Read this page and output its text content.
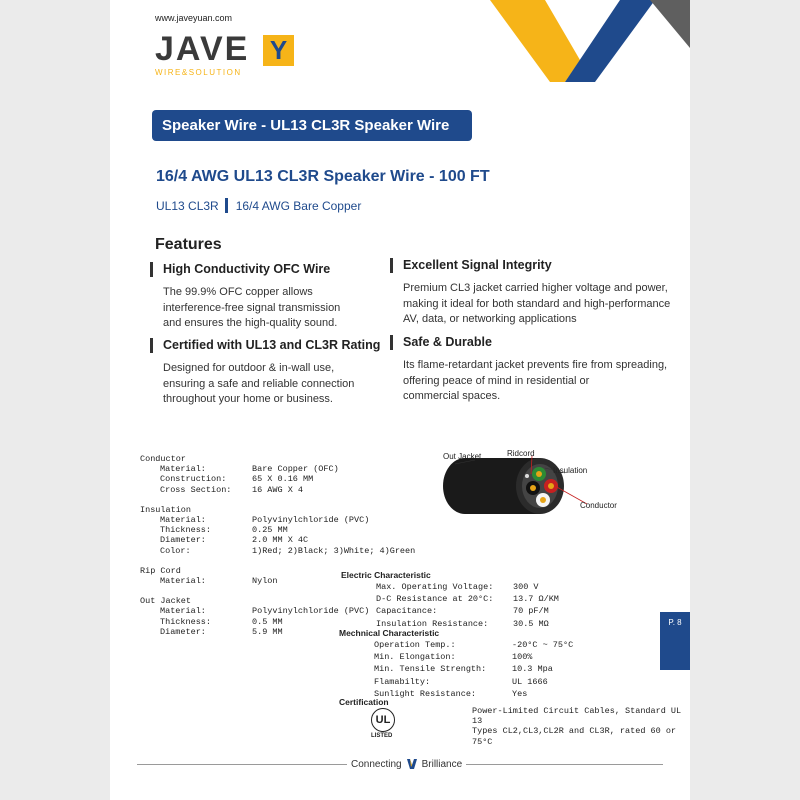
www.javeyuan.com
JAVE Y
WIRE&SOLUTION
Speaker Wire - UL13 CL3R Speaker Wire
16/4 AWG UL13 CL3R Speaker Wire - 100 FT
UL13 CL3R 16/4 AWG Bare Copper
Features
High Conductivity OFC Wire
The 99.9% OFC copper allows
interference-free signal transmission
and ensures the high-quality sound.
Excellent Signal Integrity
Premium CL3 jacket carried higher voltage and power,
making it ideal for both standard and high-performance
AV, data, or networking applications
Certified with UL13 and CL3R Rating
Designed for outdoor & in-wall use,
ensuring a safe and reliable connection
throughout your home or business.
Safe & Durable
Its flame-retardant jacket prevents fire from spreading,
offering peace of mind in residential or
commercial spaces.
Conductor
Material:	Bare Copper (OFC)
Construction:	65 X 0.16 MM
Cross Section:	16 AWG X 4
Insulation
Material:	Polyvinylchloride (PVC)
Thickness:	0.25 MM
Diameter:	2.0 MM X 4C
Color:	1)Red; 2)Black; 3)White; 4)Green
Rip Cord
Material:	Nylon
Out Jacket
Material:	Polyvinylchloride (PVC)
Thickness:	0.5 MM
Diameter:	5.9 MM
Out Jacket	Ridcord
Insulation
Conductor
Electric Characteristic
Max. Operating Voltage:	300 V
D-C Resistance at 20°C:	13.7 Ω/KM
Capacitance:	70 pF/M
Insulation Resistance:	30.5 MΩ
Mechnical Characteristic
Operation Temp.:	-20°C ~ 75°C
Min. Elongation:	100%
Min. Tensile Strength:	10.3 Mpa
Flamabilty:	UL 1666
Sunlight Resistance:	Yes
Certification
UL
LISTED
Power-Limited Circuit Cables, Standard UL 13
Types CL2,CL3,CL2R and CL3R, rated 60 or 75°C
P. 8
Connecting Brilliance
